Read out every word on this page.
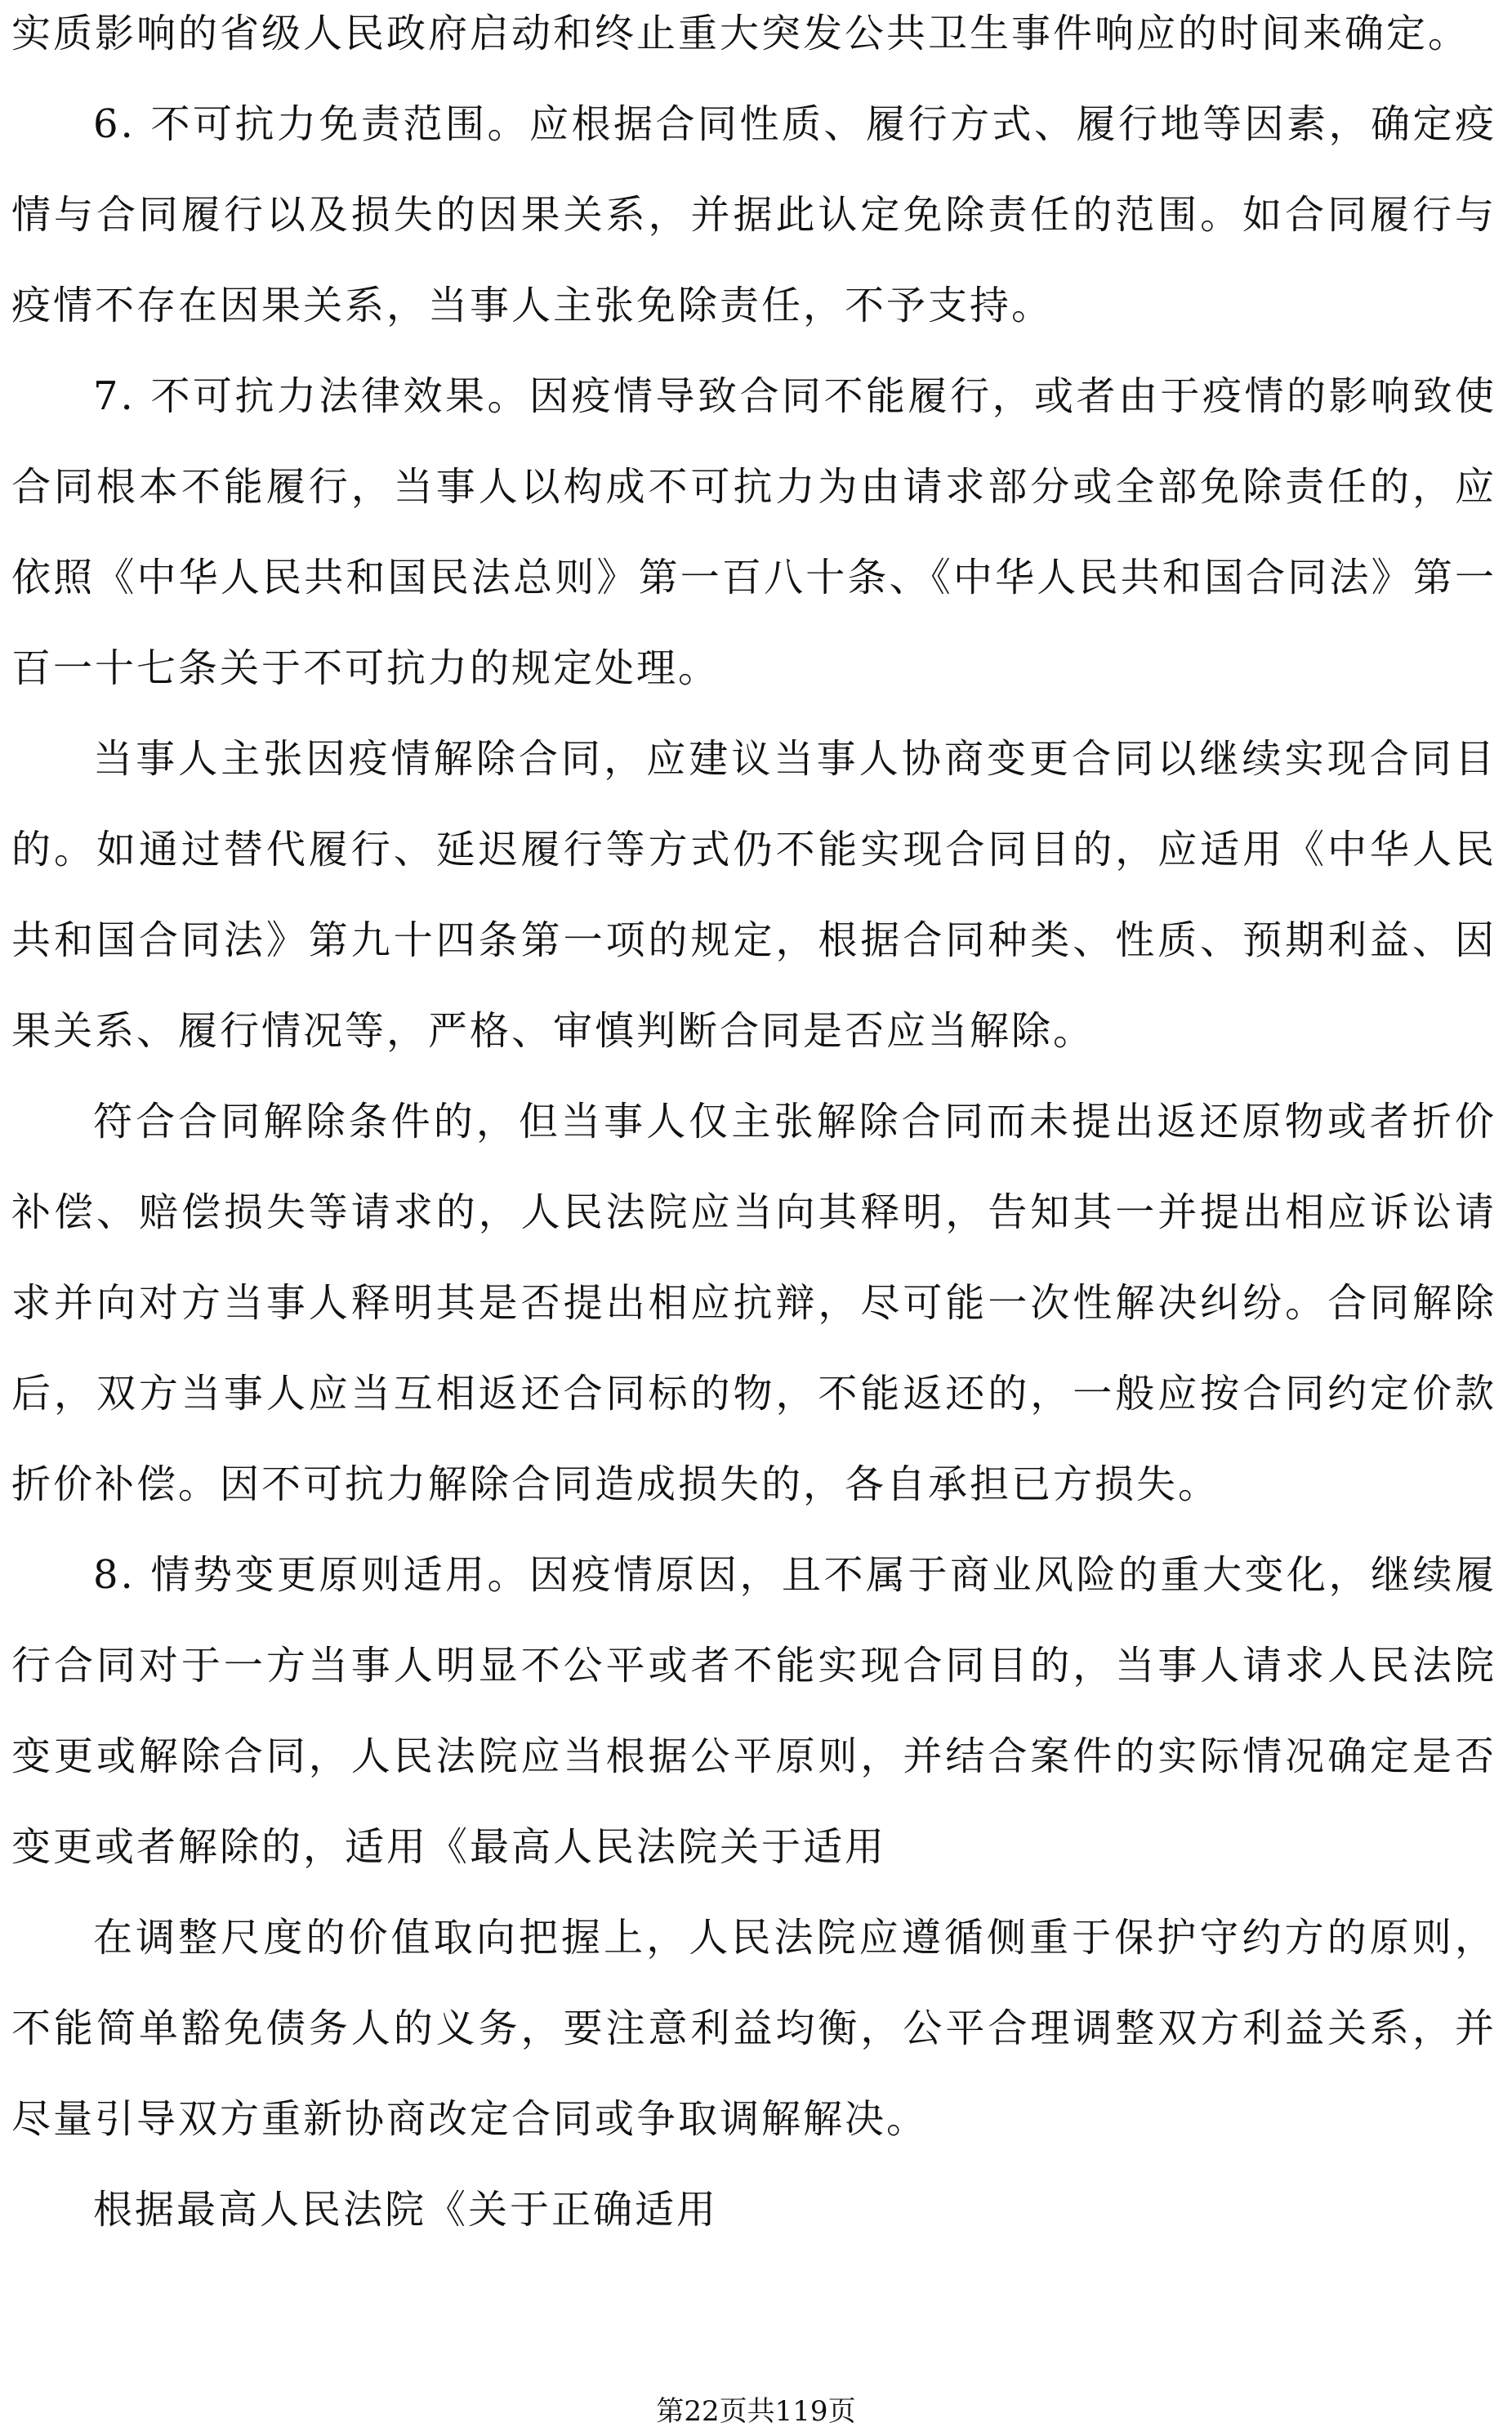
实质影响的省级人民政府启动和终止重大突发公共卫生事件响应的时间来确定。

6. 不可抗力免责范围。应根据合同性质、履行方式、履行地等因素，确定疫情与合同履行以及损失的因果关系，并据此认定免除责任的范围。如合同履行与疫情不存在因果关系，当事人主张免除责任，不予支持。

7. 不可抗力法律效果。因疫情导致合同不能履行，或者由于疫情的影响致使合同根本不能履行，当事人以构成不可抗力为由请求部分或全部免除责任的，应依照《中华人民共和国民法总则》第一百八十条、《中华人民共和国合同法》第一百一十七条关于不可抗力的规定处理。

当事人主张因疫情解除合同，应建议当事人协商变更合同以继续实现合同目的。如通过替代履行、延迟履行等方式仍不能实现合同目的，应适用《中华人民共和国合同法》第九十四条第一项的规定，根据合同种类、性质、预期利益、因果关系、履行情况等，严格、审慎判断合同是否应当解除。

符合合同解除条件的，但当事人仅主张解除合同而未提出返还原物或者折价补偿、赔偿损失等请求的，人民法院应当向其释明，告知其一并提出相应诉讼请求并向对方当事人释明其是否提出相应抗辩，尽可能一次性解决纠纷。合同解除后，双方当事人应当互相返还合同标的物，不能返还的，一般应按合同约定价款折价补偿。因不可抗力解除合同造成损失的，各自承担已方损失。

8. 情势变更原则适用。因疫情原因，且不属于商业风险的重大变化，继续履行合同对于一方当事人明显不公平或者不能实现合同目的，当事人请求人民法院变更或解除合同，人民法院应当根据公平原则，并结合案件的实际情况确定是否变更或者解除的，适用《最高人民法院关于适用

在调整尺度的价值取向把握上，人民法院应遵循侧重于保护守约方的原则，不能简单豁免债务人的义务，要注意利益均衡，公平合理调整双方利益关系，并尽量引导双方重新协商改定合同或争取调解解决。

根据最高人民法院《关于正确适用

第22页共119页
